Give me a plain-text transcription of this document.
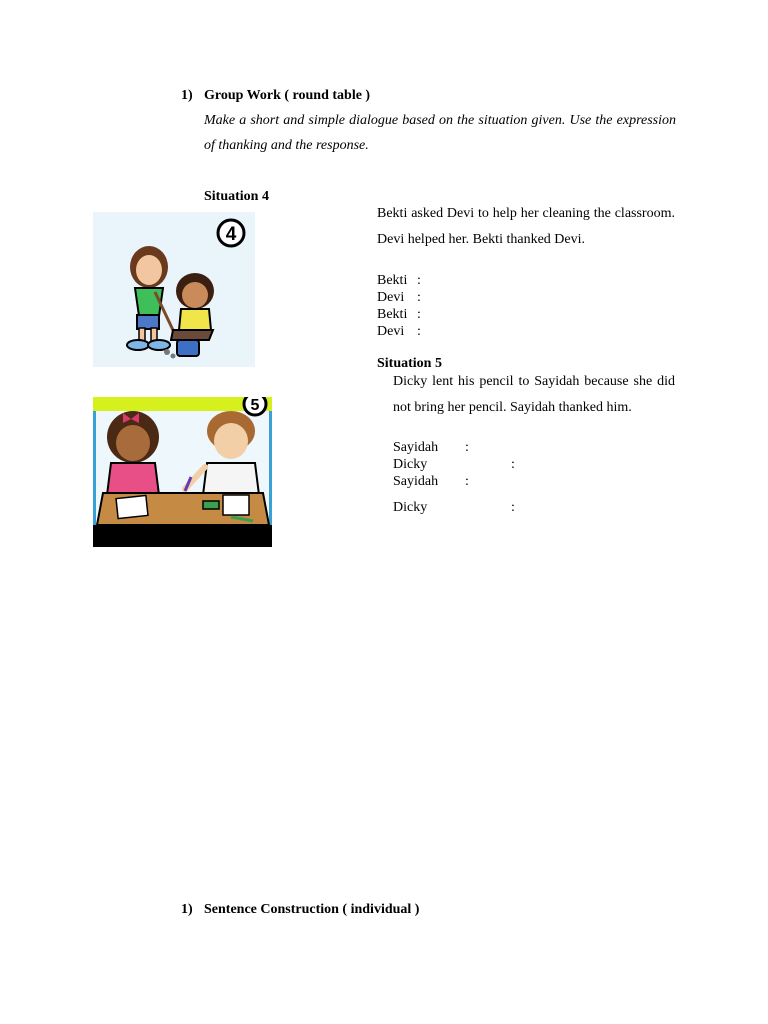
1) Group Work ( round table )
Make a short and simple dialogue based on the situation given. Use the expression of thanking and the response.
Situation 4
4
Bekti asked Devi to help her cleaning the classroom. Devi helped her. Bekti thanked Devi.
Bekti :
Devi :
Bekti :
Devi :
Situation 5
5
Dicky lent his pencil to Sayidah because she did not bring her pencil. Sayidah thanked him.
Sayidah :
Dicky	:
Sayidah :
Dicky	:
1) Sentence Construction ( individual )
